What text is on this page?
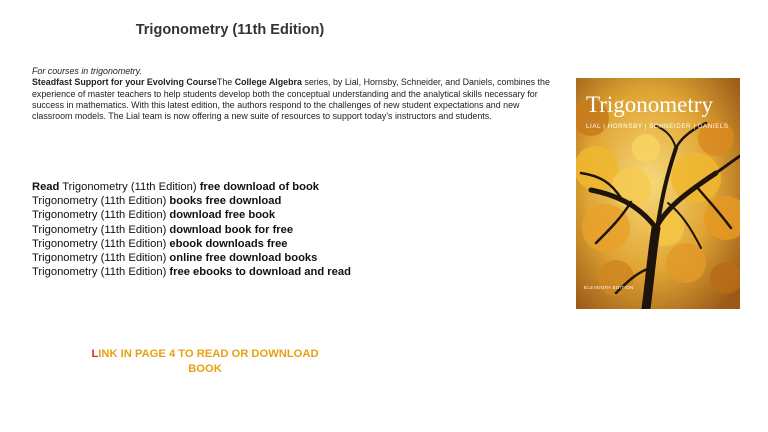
Trigonometry (11th Edition)
For courses in trigonometry.
Steadfast Support for your Evolving CourseThe College Algebra series, by Lial, Hornsby, Schneider, and Daniels, combines the experience of master teachers to help students develop both the conceptual understanding and the analytical skills necessary for success in mathematics. With this latest edition, the authors respond to the challenges of new student expectations and new classroom models. The Lial team is now offering a new suite of resources to support today's instructors and students.
Read Trigonometry (11th Edition) free download of book
Trigonometry (11th Edition) books free download
Trigonometry (11th Edition) download free book
Trigonometry (11th Edition) download book for free
Trigonometry (11th Edition) ebook downloads free
Trigonometry (11th Edition) online free download books
Trigonometry (11th Edition) free ebooks to download and read
LINK IN PAGE 4 TO READ OR DOWNLOAD
BOOK
Trigonometry
LIAL | HORNSBY | SCHNEIDER | DANIELS
ELEVENTH EDITION
